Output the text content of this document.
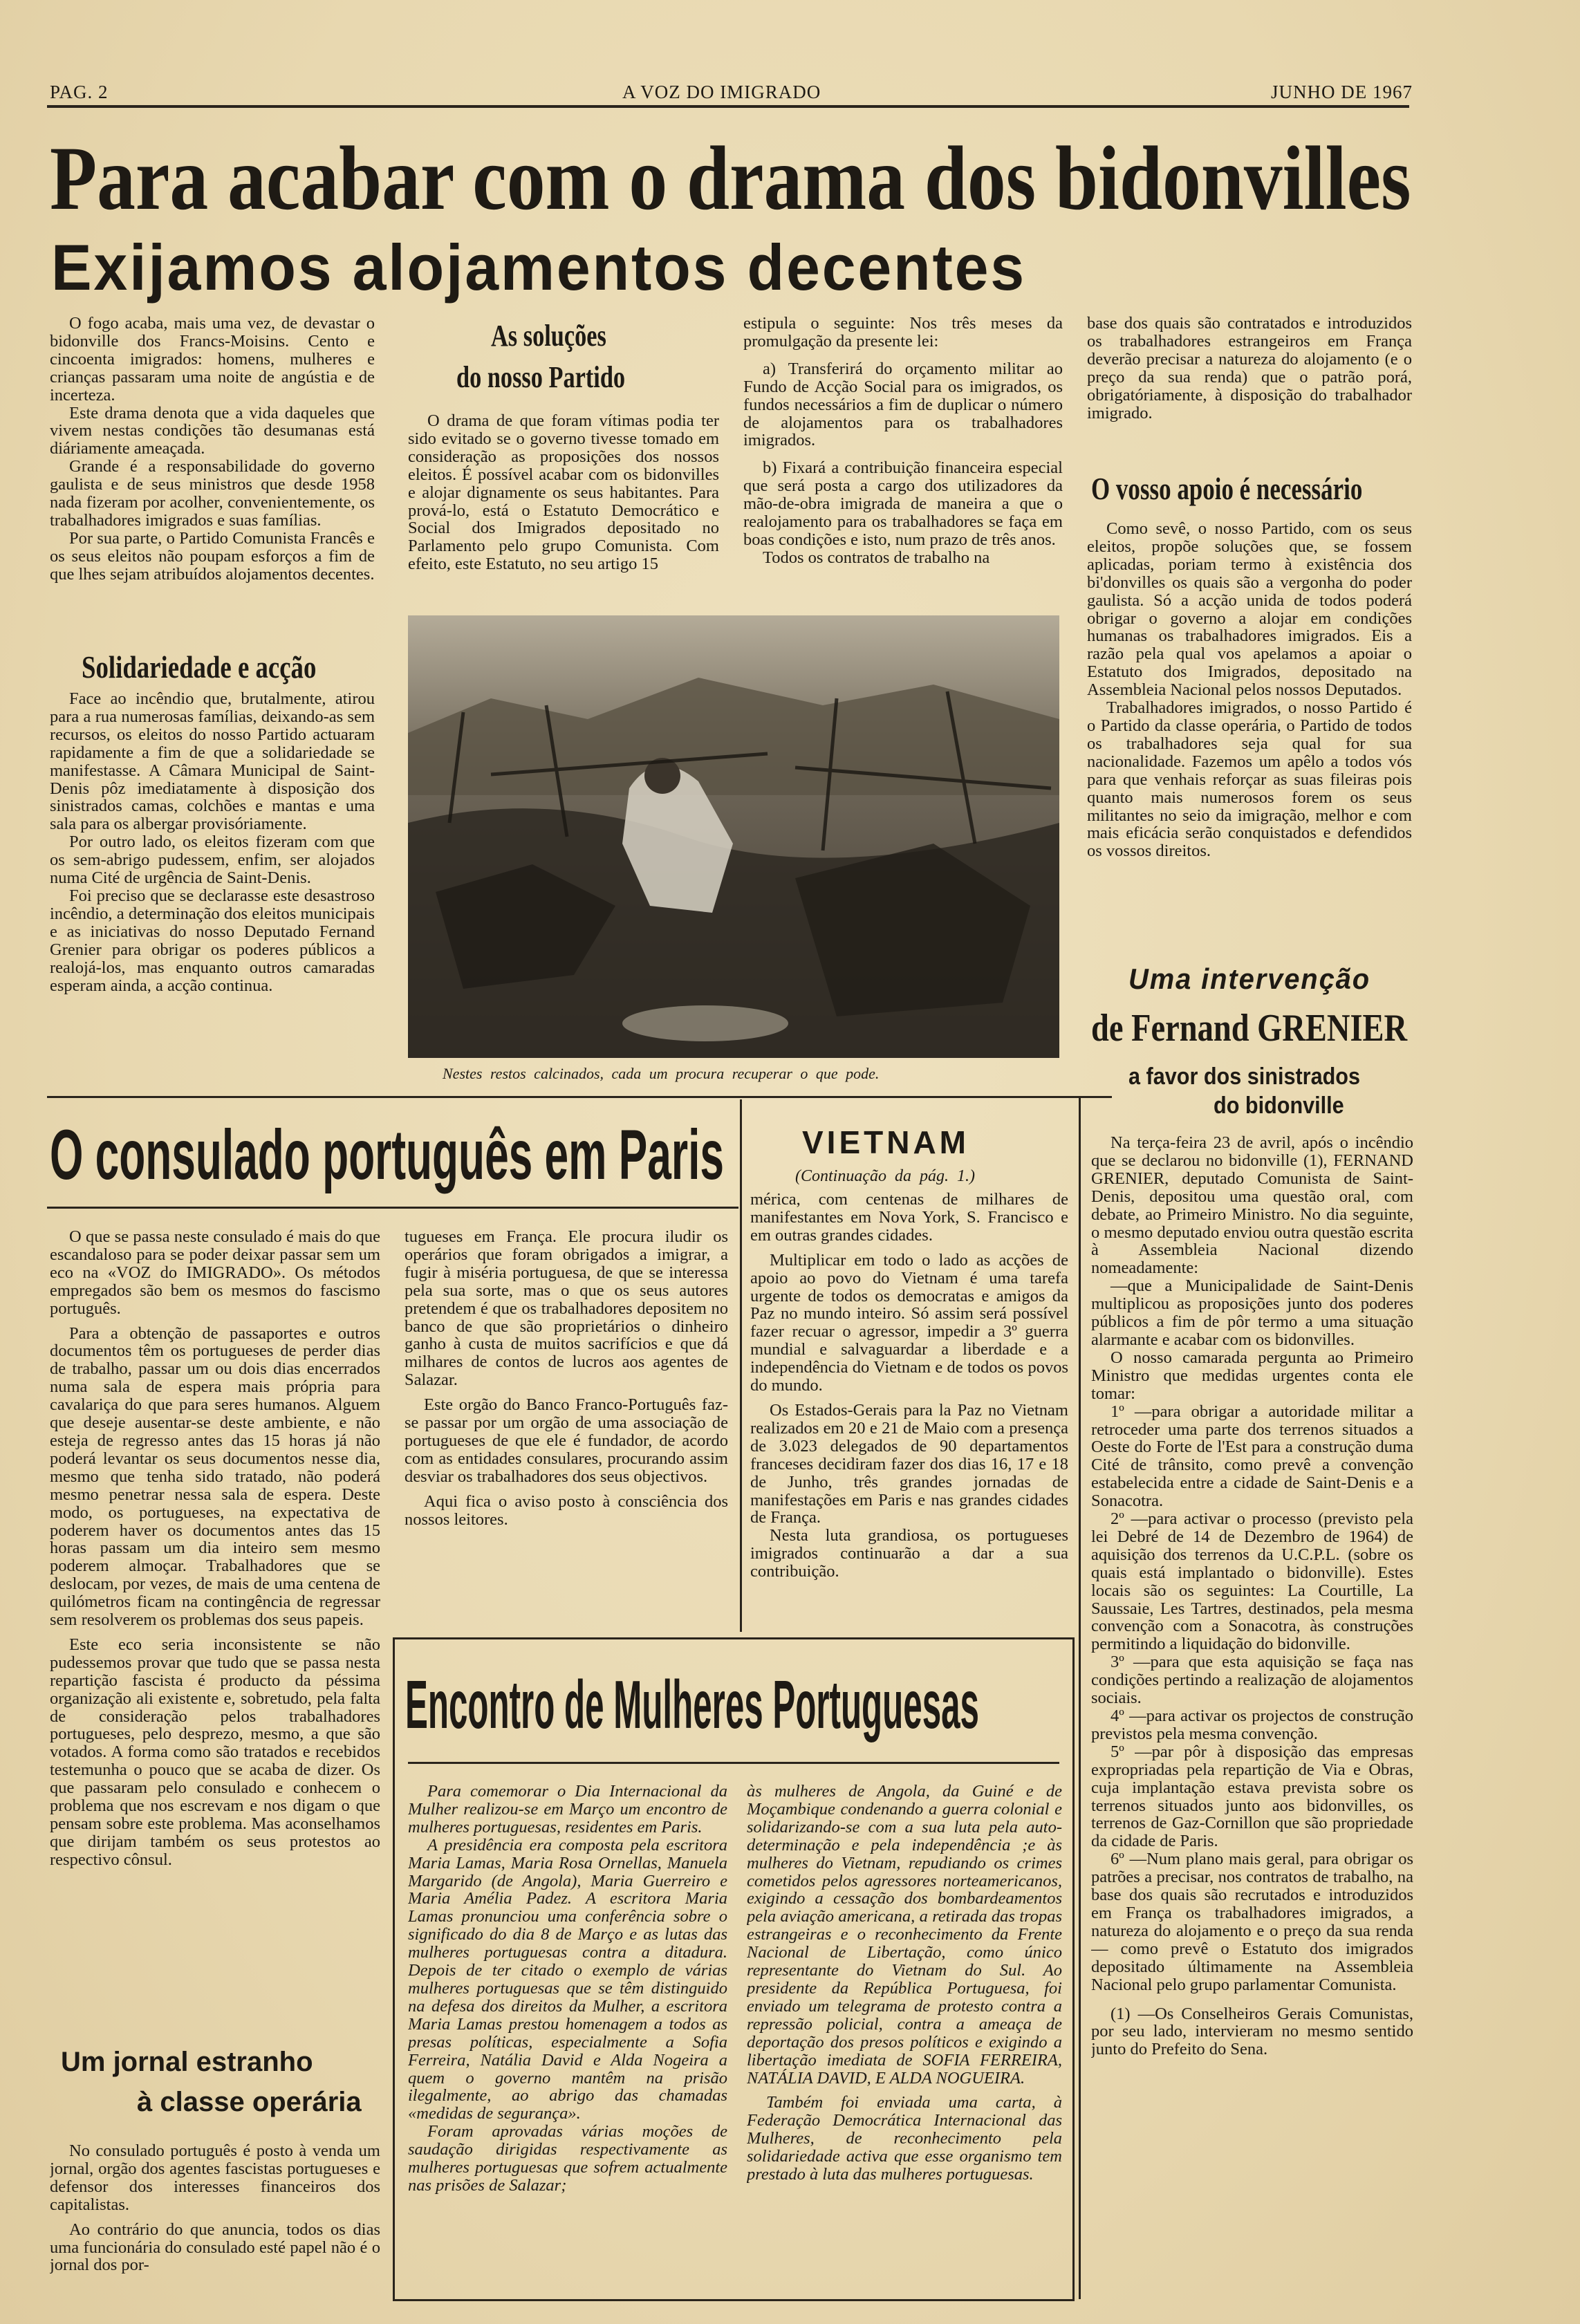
PAG. 2	A VOZ DO IMIGRADO	JUNHO DE 1967
Para acabar com o drama dos bidonvilles
Exijamos alojamentos decentes

O fogo acaba, mais uma vez, de devastar o bidonville dos Francs-Moisins. Cento e cincoenta imigrados: homens, mulheres e crianças passaram uma noite de angústia e de incerteza.

Este drama denota que a vida daqueles que vivem nestas condições tão desumanas está diáriamente ameaçada.

Grande é a responsabilidade do governo gaulista e de seus ministros que desde 1958 nada fizeram por acolher, convenientemente, os trabalhadores imigrados e suas famílias.

Por sua parte, o Partido Comunista Francês e os seus eleitos não poupam esforços a fim de que lhes sejam atribuídos alojamentos decentes.

Solidariedade e acção

Face ao incêndio que, brutalmente, atirou para a rua numerosas famílias, deixando-as sem recursos, os eleitos do nosso Partido actuaram rapidamente a fim de que a solidariedade se manifestasse. A Câmara Municipal de Saint-Denis pôz imediatamente à disposição dos sinistrados camas, colchões e mantas e uma sala para os albergar provisóriamente.

Por outro lado, os eleitos fizeram com que os sem-abrigo pudessem, enfim, ser alojados numa Cité de urgência de Saint-Denis.

Foi preciso que se declarasse este desastroso incêndio, a determinação dos eleitos municipais e as iniciativas do nosso Deputado Fernand Grenier para obrigar os poderes públicos a realojá-los, mas enquanto outros camaradas esperam ainda, a acção continua.

As soluções
do nosso Partido

O drama de que foram vítimas podia ter sido evitado se o governo tivesse tomado em consideração as proposições dos nossos eleitos. É possível acabar com os bidonvilles e alojar dignamente os seus habitantes. Para prová-lo, está o Estatuto Democrático e Social dos Imigrados depositado no Parlamento pelo grupo Comunista. Com efeito, este Estatuto, no seu artigo 15

estipula o seguinte: Nos três meses da promulgação da presente lei:

a) Transferirá do orçamento militar ao Fundo de Acção Social para os imigrados, os fundos necessários a fim de duplicar o número de alojamentos para os trabalhadores imigrados.

b) Fixará a contribuição financeira especial que será posta a cargo dos utilizadores da mão-de-obra imigrada de maneira a que o realojamento para os trabalhadores se faça em boas condições e isto, num prazo de três anos.

Todos os contratos de trabalho na

Nestes restos calcinados, cada um procura recuperar o que pode.

base dos quais são contratados e introduzidos os trabalhadores estrangeiros em França deverão precisar a natureza do alojamento (e o preço da sua renda) que o patrão porá, obrigatóriamente, à disposição do trabalhador imigrado.

O vosso apoio é necessário

Como sevê, o nosso Partido, com os seus eleitos, propõe soluções que, se fossem aplicadas, poriam termo à existência dos bi'donvilles os quais são a vergonha do poder gaulista. Só a acção unida de todos poderá obrigar o governo a alojar em condições humanas os trabalhadores imigrados. Eis a razão pela qual vos apelamos a apoiar o Estatuto dos Imigrados, depositado na Assembleia Nacional pelos nossos Deputados.

Trabalhadores imigrados, o nosso Partido é o Partido da classe operária, o Partido de todos os trabalhadores seja qual for sua nacionalidade. Fazemos um apêlo a todos vós para que venhais reforçar as suas fileiras pois quanto mais numerosos forem os seus militantes no seio da imigração, melhor e com mais eficácia serão conquistados e defendidos os vossos direitos.

Uma intervenção
de Fernand GRENIER
a favor dos sinistrados
do bidonville
O consulado português em Paris

O que se passa neste consulado é mais do que escandaloso para se poder deixar passar sem um eco na «VOZ do IMIGRADO». Os métodos empregados são bem os mesmos do fascismo português.

Para a obtenção de passaportes e outros documentos têm os portugueses de perder dias de trabalho, passar um ou dois dias encerrados numa sala de espera mais própria para cavalariça do que para seres humanos. Alguem que deseje ausentar-se deste ambiente, e não esteja de regresso antes das 15 horas já não poderá levantar os seus documentos nesse dia, mesmo que tenha sido tratado, não poderá mesmo penetrar nessa sala de espera. Deste modo, os portugueses, na expectativa de poderem haver os documentos antes das 15 horas passam um dia inteiro sem mesmo poderem almoçar. Trabalhadores que se deslocam, por vezes, de mais de uma centena de quilómetros ficam na contingência de regressar sem resolverem os problemas dos seus papeis.

Este eco seria inconsistente se não pudessemos provar que tudo que se passa nesta repartição fascista é producto da péssima organização ali existente e, sobretudo, pela falta de consideração pelos trabalhadores portugueses, pelo desprezo, mesmo, a que são votados. A forma como são tratados e recebidos testemunha o pouco que se acaba de dizer. Os que passaram pelo consulado e conhecem o problema que nos escrevam e nos digam o que pensam sobre este problema. Mas aconselhamos que dirijam também os seus protestos ao respectivo cônsul.

Um jornal estranho
à classe operária

No consulado português é posto à venda um jornal, orgão dos agentes fascistas portugueses e defensor dos interesses financeiros dos capitalistas.

Ao contrário do que anuncia, todos os dias uma funcionária do consulado esté papel não é o jornal dos por-

tugueses em França. Ele procura iludir os operários que foram obrigados a imigrar, a fugir à miséria portuguesa, de que se interessa pela sua sorte, mas o que os seus autores pretendem é que os trabalhadores depositem no banco de que são proprietários o dinheiro ganho à custa de muitos sacrifícios e que dá milhares de contos de lucros aos agentes de Salazar.

Este orgão do Banco Franco-Português faz-se passar por um orgão de uma associação de portugueses de que ele é fundador, de acordo com as entidades consulares, procurando assim desviar os trabalhadores dos seus objectivos.

Aqui fica o aviso posto à consciência dos nossos leitores.

VIETNAM
(Continuação da pág. 1.)

mérica, com centenas de milhares de manifestantes em Nova York, S. Francisco e em outras grandes cidades.

Multiplicar em todo o lado as acções de apoio ao povo do Vietnam é uma tarefa urgente de todos os democratas e amigos da Paz no mundo inteiro. Só assim será possível fazer recuar o agressor, impedir a 3º guerra mundial e salvaguardar a liberdade e a independência do Vietnam e de todos os povos do mundo.

Os Estados-Gerais para la Paz no Vietnam realizados em 20 e 21 de Maio com a presença de 3.023 delegados de 90 departamentos franceses decidiram fazer dos dias 16, 17 e 18 de Junho, três grandes jornadas de manifestações em Paris e nas grandes cidades de França.

Nesta luta grandiosa, os portugueses imigrados continuarão a dar a sua contribuição.

Encontro de Mulheres Portuguesas

Para comemorar o Dia Internacional da Mulher realizou-se em Março um encontro de mulheres portuguesas, residentes em Paris.

A presidência era composta pela escritora Maria Lamas, Maria Rosa Ornellas, Manuela Margarido (de Angola), Maria Guerreiro e Maria Amélia Padez. A escritora Maria Lamas pronunciou uma conferência sobre o significado do dia 8 de Março e as lutas das mulheres portuguesas contra a ditadura. Depois de ter citado o exemplo de várias mulheres portuguesas que se têm distinguido na defesa dos direitos da Mulher, a escritora Maria Lamas prestou homenagem a todos as presas políticas, especialmente a Sofia Ferreira, Natália David e Alda Nogeira a quem o governo mantêm na prisão ilegalmente, ao abrigo das chamadas «medidas de segurança».

Foram aprovadas várias moções de saudação dirigidas respectivamente as mulheres portuguesas que sofrem actualmente nas prisões de Salazar;

às mulheres de Angola, da Guiné e de Moçambique condenando a guerra colonial e solidarizando-se com a sua luta pela auto-determinação e pela independência ;e às mulheres do Vietnam, repudiando os crimes cometidos pelos agressores norteamericanos, exigindo a cessação dos bombardeamentos pela aviação americana, a retirada das tropas estrangeiras e o reconhecimento da Frente Nacional de Libertação, como único representante do Vietnam do Sul. Ao presidente da República Portuguesa, foi enviado um telegrama de protesto contra a repressão policial, contra a ameaça de deportação dos presos políticos e exigindo a libertação imediata de SOFIA FERREIRA, NATÁLIA DAVID, E ALDA NOGUEIRA.

Também foi enviada uma carta, à Federação Democrática Internacional das Mulheres, de reconhecimento pela solidariedade activa que esse organismo tem prestado à luta das mulheres portuguesas.

Na terça-feira 23 de avril, após o incêndio que se declarou no bidonville (1), FERNAND GRENIER, deputado Comunista de Saint-Denis, depositou uma questão oral, com debate, ao Primeiro Ministro. No dia seguinte, o mesmo deputado enviou outra questão escrita à Assembleia Nacional dizendo nomeadamente:

—que a Municipalidade de Saint-Denis multiplicou as proposições junto dos poderes públicos a fim de pôr termo a uma situação alarmante e acabar com os bidonvilles.

O nosso camarada pergunta ao Primeiro Ministro que medidas urgentes conta ele tomar:

1º —para obrigar a autoridade militar a retroceder uma parte dos terrenos situados a Oeste do Forte de l'Est para a construção duma Cité de trânsito, como prevê a convenção estabelecida entre a cidade de Saint-Denis e a Sonacotra.

2º —para activar o processo (previsto pela lei Debré de 14 de Dezembro de 1964) de aquisição dos terrenos da U.C.P.L. (sobre os quais está implantado o bidonville). Estes locais são os seguintes: La Courtille, La Saussaie, Les Tartres, destinados, pela mesma convenção com a Sonacotra, às construções permitindo a liquidação do bidonville.

3º —para que esta aquisição se faça nas condições pertindo a realização de alojamentos sociais.

4º —para activar os projectos de construção previstos pela mesma convenção.

5º —par pôr à disposição das empresas expropriadas pela repartição de Via e Obras, cuja implantação estava prevista sobre os terrenos situados junto aos bidonvilles, os terrenos de Gaz-Cornillon que são propriedade da cidade de Paris.

6º —Num plano mais geral, para obrigar os patrões a precisar, nos contratos de trabalho, na base dos quais são recrutados e introduzidos em França os trabalhadores imigrados, a natureza do alojamento e o preço da sua renda — como prevê o Estatuto dos imigrados depositado últimamente na Assembleia Nacional pelo grupo parlamentar Comunista.

(1) —Os Conselheiros Gerais Comunistas, por seu lado, intervieram no mesmo sentido junto do Prefeito do Sena.
